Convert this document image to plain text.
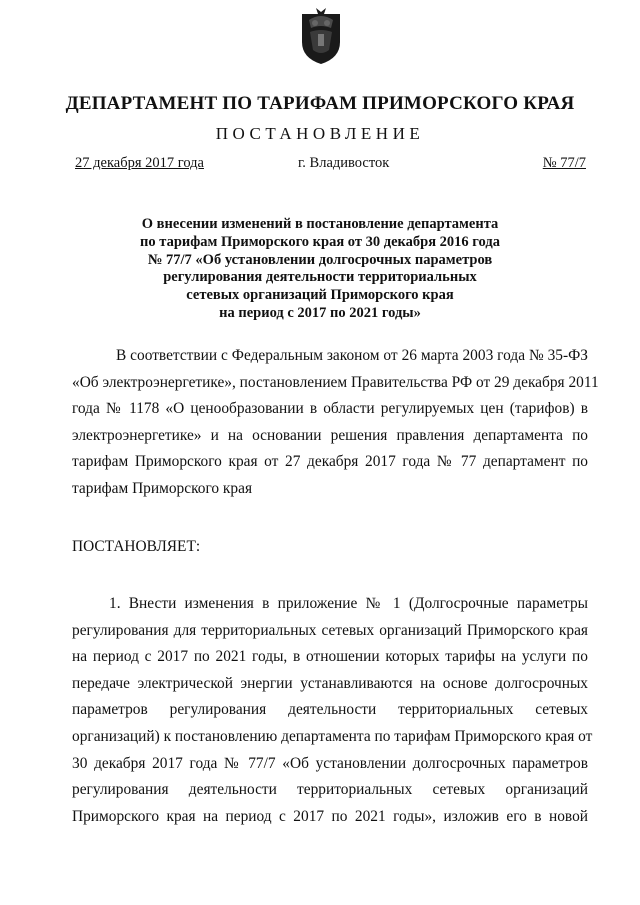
ДЕПАРТАМЕНТ ПО ТАРИФАМ ПРИМОРСКОГО КРАЯ
ПОСТАНОВЛЕНИЕ
27 декабря 2017 года	г. Владивосток	№ 77/7
О внесении изменений в постановление департамента
по тарифам Приморского края от 30 декабря 2016 года
№ 77/7 «Об установлении долгосрочных параметров
регулирования деятельности территориальных
сетевых организаций Приморского края
на период с 2017 по 2021 годы»
В соответствии с Федеральным законом от 26 марта 2003 года № 35-ФЗ
«Об электроэнергетике», постановлением Правительства РФ от 29 декабря 2011
года № 1178 «О ценообразовании в области регулируемых цен (тарифов) в
электроэнергетике» и на основании решения правления департамента по
тарифам Приморского края от 27 декабря 2017 года № 77 департамент по
тарифам Приморского края
ПОСТАНОВЛЯЕТ:
1. Внести изменения в приложение № 1 (Долгосрочные параметры
регулирования для территориальных сетевых организаций Приморского края
на период с 2017 по 2021 годы, в отношении которых тарифы на услуги по
передаче электрической энергии устанавливаются на основе долгосрочных
параметров регулирования деятельности территориальных сетевых
организаций) к постановлению департамента по тарифам Приморского края от
30 декабря 2017 года № 77/7 «Об установлении долгосрочных параметров
регулирования деятельности территориальных сетевых организаций
Приморского края на период с 2017 по 2021 годы», изложив его в новой
